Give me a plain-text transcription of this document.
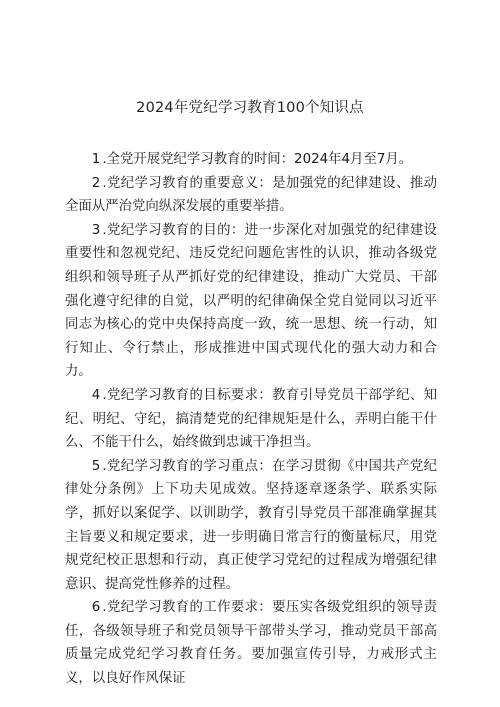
2024年党纪学习教育100个知识点

1 .全党开展党纪学习教育的时间：2024年4月至7月。

2 .党纪学习教育的重要意义：是加强党的纪律建设、推动全面从严治党向纵深发展的重要举措。

3 .党纪学习教育的目的：进一步深化对加强党的纪律建设重要性和忽视党纪、违反党纪问题危害性的认识，推动各级党组织和领导班子从严抓好党的纪律建设，推动广大党员、干部强化遵守纪律的自觉，以严明的纪律确保全党自觉同以习近平同志为核心的党中央保持高度一致，统一思想、统一行动，知行知止、令行禁止，形成推进中国式现代化的强大动力和合力。

4 .党纪学习教育的目标要求：教育引导党员干部学纪、知纪、明纪、守纪，搞清楚党的纪律规矩是什么，弄明白能干什么、不能干什么，始终做到忠诚干净担当。

5 .党纪学习教育的学习重点：在学习贯彻《中国共产党纪律处分条例》上下功夫见成效。坚持逐章逐条学、联系实际学，抓好以案促学、以训助学，教育引导党员干部准确掌握其主旨要义和规定要求，进一步明确日常言行的衡量标尺，用党规党纪校正思想和行动，真正使学习党纪的过程成为增强纪律意识、提高党性修养的过程。

6 .党纪学习教育的工作要求：要压实各级党组织的领导责任，各级领导班子和党员领导干部带头学习，推动党员干部高质量完成党纪学习教育任务。要加强宣传引导，力戒形式主义，以良好作风保证
